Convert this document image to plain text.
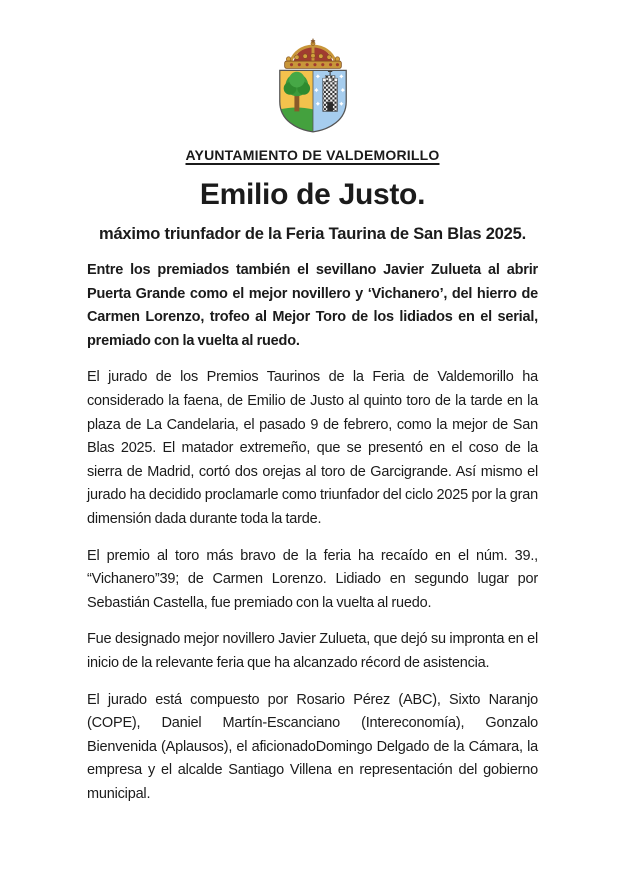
AYUNTAMIENTO DE VALDEMORILLO
Emilio de Justo.
máximo triunfador de la Feria Taurina de San Blas 2025.

Entre los premiados también el sevillano Javier Zulueta al abrir Puerta Grande como el mejor novillero y ‘Vichanero’, del hierro de Carmen Lorenzo, trofeo al Mejor Toro de los lidiados en el serial, premiado con la vuelta al ruedo.

El jurado de los Premios Taurinos de la Feria de Valdemorillo ha considerado la faena, de Emilio de Justo al quinto toro de la tarde en la plaza de La Candelaria, el pasado 9 de febrero, como la mejor de San Blas 2025. El matador extremeño, que se presentó en el coso de la sierra de Madrid, cortó dos orejas al toro de Garcigrande. Así mismo el jurado ha decidido proclamarle como triunfador del ciclo 2025 por la gran dimensión dada durante toda la tarde.

El premio al toro más bravo de la feria ha recaído en el núm. 39., “Vichanero”39; de Carmen Lorenzo. Lidiado en segundo lugar por Sebastián Castella, fue premiado con la vuelta al ruedo.

Fue designado mejor novillero Javier Zulueta, que dejó su impronta en el inicio de la relevante feria que ha alcanzado récord de asistencia.

El jurado está compuesto por Rosario Pérez (ABC), Sixto Naranjo (COPE), Daniel Martín-Escanciano (Intereconomía), Gonzalo Bienvenida (Aplausos), el aficionadoDomingo Delgado de la Cámara, la empresa y el alcalde Santiago Villena en representación del gobierno municipal.
